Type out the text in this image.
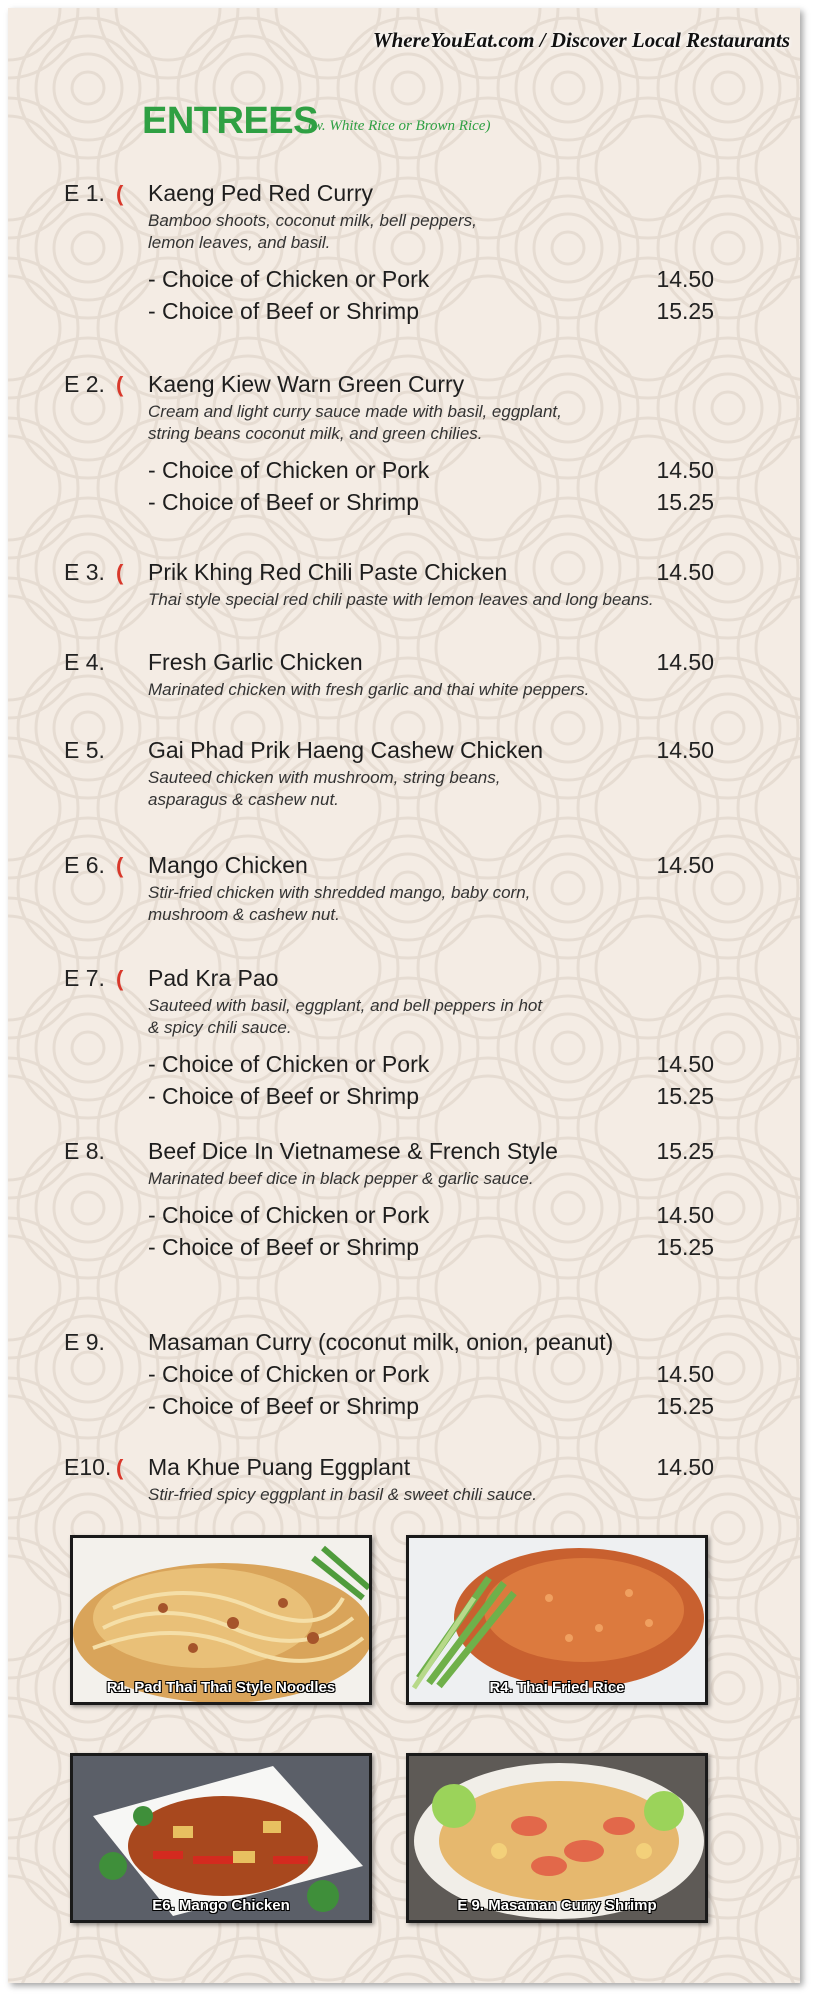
WhereYouEat.com / Discover Local Restaurants
ENTREES
(w. White Rice or Brown Rice)
E 1. ( Kaeng Ped Red Curry
Bamboo shoots, coconut milk, bell peppers,
lemon leaves, and basil.
- Choice of Chicken or Pork	14.50
- Choice of Beef or Shrimp	15.25
E 2. ( Kaeng Kiew Warn Green Curry
Cream and light curry sauce made with basil, eggplant,
string beans coconut milk, and green chilies.
- Choice of Chicken or Pork	14.50
- Choice of Beef or Shrimp	15.25
E 3. ( Prik Khing Red Chili Paste Chicken	14.50
Thai style special red chili paste with lemon leaves and long beans.
E 4. Fresh Garlic Chicken	14.50
Marinated chicken with fresh garlic and thai white peppers.
E 5. Gai Phad Prik Haeng Cashew Chicken	14.50
Sauteed chicken with mushroom, string beans,
asparagus & cashew nut.
E 6. ( Mango Chicken	14.50
Stir-fried chicken with shredded mango, baby corn,
mushroom & cashew nut.
E 7. ( Pad Kra Pao
Sauteed with basil, eggplant, and bell peppers in hot
& spicy chili sauce.
- Choice of Chicken or Pork	14.50
- Choice of Beef or Shrimp	15.25
E 8. Beef Dice In Vietnamese & French Style	15.25
Marinated beef dice in black pepper & garlic sauce.
- Choice of Chicken or Pork	14.50
- Choice of Beef or Shrimp	15.25
E 9. Masaman Curry (coconut milk, onion, peanut)
- Choice of Chicken or Pork	14.50
- Choice of Beef or Shrimp	15.25
E10. ( Ma Khue Puang Eggplant	14.50
Stir-fried spicy eggplant in basil & sweet chili sauce.
R1. Pad Thai Thai Style Noodles	R4. Thai Fried Rice
E6. Mango Chicken	E 9. Masaman Curry Shrimp
